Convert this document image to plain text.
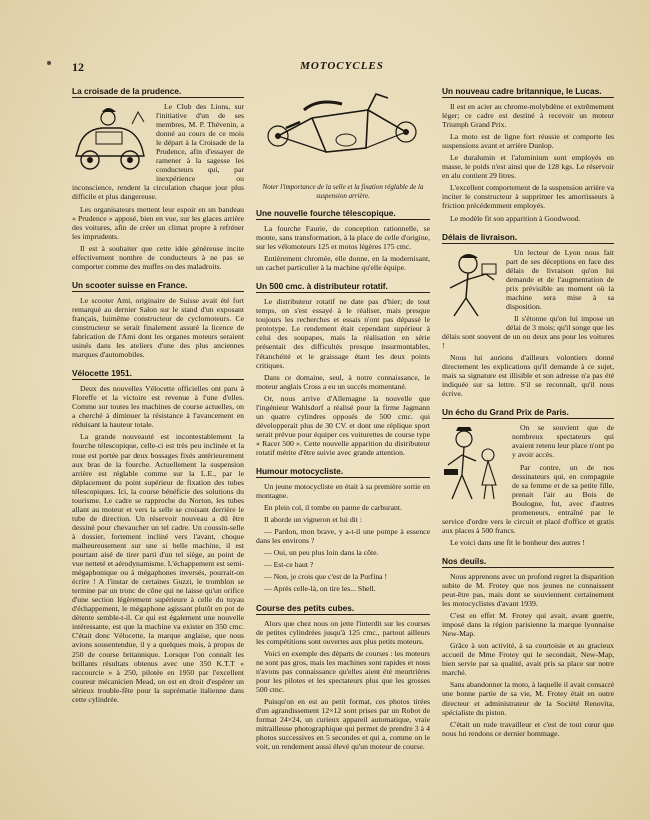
12	MOTOCYCLES
La croisade de la prudence.

Le Club des Lions, sur l'initiative d'un de ses membres, M. P. Thévenin, a donné au cours de ce mois le départ à la Croisade de la Prudence, afin d'essayer de ramener à la sagesse les conducteurs qui, par inexpérience ou inconscience, rendent la circulation chaque jour plus difficile et plus dangereuse.

Les organisateurs mettent leur espoir en un bandeau « Prudence » apposé, bien en vue, sur les glaces arrière des voitures, afin de créer un climat propre à refréner les imprudents.

Il est à souhaiter que cette idée généreuse incite effectivement nombre de conducteurs à ne pas se comporter comme des muffes ou des maladroits.

Un scooter suisse en France.

Le scooter Ami, originaire de Suisse avait été fort remarqué au dernier Salon sur le stand d'un exposant français, luimême constructeur de cyclomoteurs. Ce constructeur se serait finalement assuré la licence de fabrication de l'Ami dont les organes moteurs seraient usinés dans les ateliers d'une des plus anciennes marques d'automobiles.

Vélocette 1951.

Deux des nouvelles Vélocette officielles ont paru à Floreffe et la victoire est revenue à l'une d'elles. Comme sur toutes les machines de course actuelles, on a cherché à diminuer la résistance à l'avancement en réduisant la hauteur totale.

La grande nouveauté est incontestablement la fourche télescopique, celle-ci est très peu inclinée et la roue est portée par deux bossages fixés antérieurement aux bras de la fourche. Actuellement la suspension arrière est réglable comme sur la L.E., par le déplacement du point supérieur de fixation des tubes télescopiques. Ici, la course bénéficie des solutions du tourisme. Le cadre se rapproche du Norton, les tubes allant au moteur et vers la selle se croisant derrière le tube de direction. Un réservoir nouveau a dû être dessiné pour chevaucher un tel cadre. Un coussin-selle à dossier, fortement incliné vers l'avant, choque malheureusement sur une si belle machine, il est pourtant aisé de tirer parti d'un tel siège, au point de vue netteté et aérodynamisme. L'échappement est semi-mégaphonique ou à mégaphones inversés, pourrait-on écrire ! A l'instar de certaines Guzzi, le tromblon se termine par un tronc de cône qui ne laisse qu'un orifice d'une section légèrement supérieure à celle du tuyau d'échappement, le mégaphone agissant plutôt en pot de détente semble-t-il. Ce qui est également une nouvelle intéressante, est que la machine va exister en 350 cmc. C'était donc Vélocette, la marque anglaise, que nous avions sousentendue, il y a quelques mois, à propos de 250 de course britannique. Lorsque l'on connaît les brillants résultats obtenus avec une 350 K.T.T « raccourcie » à 250, pilotée en 1950 par l'excellent coureur mécanicien Mead, on est en droit d'espérer un sérieux trouble-fête pour la suprématie italienne dans cette cylindrée.

Noter l'importance de la selle et la fixation réglable de la suspension arrière.
Une nouvelle fourche télescopique.

La fourche Faurie, de conception rationnelle, se monte, sans transformation, à la place de celle d'origine, sur les vélomoteurs 125 et motos légères 175 cmc.

Entièrement chromée, elle donne, en la modernisant, un cachet particulier à la machine qu'elle équipe.

Un 500 cmc. à distributeur rotatif.

Le distributeur rotatif ne date pas d'hier; de tout temps, on s'est essayé à le réaliser, mais presque toujours les recherches et essais n'ont pas dépassé le prototype. Le rendement était cependant supérieur à celui des soupapes, mais la réalisation en série présentait des difficultés presque insurmontables, l'étanchéité et le graissage étant les deux points critiques.

Dans ce domaine, seul, à notre connaissance, le moteur anglais Cross a eu un succès momentané.

Or, nous arrive d'Allemagne la nouvelle que l'ingénieur Wahlsdorf a réalisé pour la firme Jagmann un quatre cylindres opposés de 500 cmc. qui développerait plus de 30 CV. et dont une réplique sport serait prévue pour équiper ces voiturettes de course type « Racer 500 ». Cette nouvelle apparition du distributeur rotatif mérite d'être suivie avec grande attention.

Humour motocycliste.

Un jeune motocycliste en était à sa première sortie en montagne.

En plein col, il tombe en panne de carburant.

Il aborde un vigneron et lui dit :

— Pardon, mon brave, y a-t-il une pompe à essence dans les environs ?

— Oui, un peu plus loin dans la côte.

— Est-ce haut ?

— Non, je crois que c'est de la Purfina !

— Après celle-là, on tire les... Shell.

Course des petits cubes.

Alors que chez nous on jette l'interdit sur les courses de petites cylindrées jusqu'à 125 cmc., partout ailleurs les compétitions sont ouvertes aux plus petits moteurs.

Voici en exemple des départs de courses : les moteurs ne sont pas gros, mais les machines sont rapides et nous n'avons pas connaissance qu'elles aient été meurtrières pour les pilotes et les spectateurs plus que les grosses 500 cmc.

Puisqu'on en est au petit format, ces photos tirées d'un agrandissement 12×12 sont prises par un Robot de format 24×24, un curieux appareil automatique, vraie mitrailleuse photographique qui permet de prendre 3 à 4 photos successives en 5 secondes et qui a, comme on le voit, un rendement aussi élevé qu'un moteur de course.

Un nouveau cadre britannique, le Lucas.

Il est en acier au chrome-molybdène et extrêmement léger; ce cadre est destiné à recevoir un moteur Triumph Grand Prix.

La moto est de ligne fort réussie et comporte les suspensions avant et arrière Dunlop.

Le duralumin et l'aluminium sont employés en masse, le poids n'est ainsi que de 128 kgs. Le réservoir en alu contient 29 litres.

L'excellent comportement de la suspension arrière va inciter le constructeur à supprimer les amortisseurs à friction précédemment employés.

Le modèle fit son apparition à Goodwood.

Délais de livraison.

Un lecteur de Lyon nous fait part de ses déceptions en face des délais de livraison qu'on lui demande et de l'augmentation de prix prévisible au moment où la machine sera mise à sa disposition.

Il s'étonne qu'on lui impose un délai de 3 mois; qu'il songe que les délais sont souvent de un ou deux ans pour les voitures !

Nous lui aurions d'ailleurs volontiers donné directement les explications qu'il demande à ce sujet, mais sa signature est illisible et son adresse n'a pas été indiquée sur sa lettre. S'il se reconnaît, qu'il nous écrive.

Un écho du Grand Prix de Paris.

On se souvient que de nombreux spectateurs qui avaient retenu leur place n'ont pu y avoir accès.

Par contre, un de nos dessinateurs qui, en compagnie de sa femme et de sa petite fille, prenait l'air au Bois de Boulogne, fut, avec d'autres promeneurs, entraîné par le service d'ordre vers le circuit et placé d'office et gratis aux places à 500 francs.

Le voici dans une fit le bonheur des autres !

Nos deuils.

Nous apprenons avec un profond regret la disparition subite de M. Frotey que nos jeunes ne connaissent peut-être pas, mais dont se souviennent certainement les motocyclistes d'avant 1939.

C'est en effet M. Frotey qui avait, avant guerre, imposé dans la région parisienne la marque lyonnaise New-Map.

Grâce à son activité, à sa courtoisie et au gracieux accueil de Mme Frotey qui le secondait, New-Map, bien servie par sa qualité, avait pris sa place sur notre marché.

Sans abandonner la moto, à laquelle il avait consacré une bonne partie de sa vie, M. Frotey était en outre directeur et administrateur de la Société Renovita, spécialiste du piston.

C'était un rude travailleur et c'est de tout cœur que nous lui rendons ce dernier hommage.
